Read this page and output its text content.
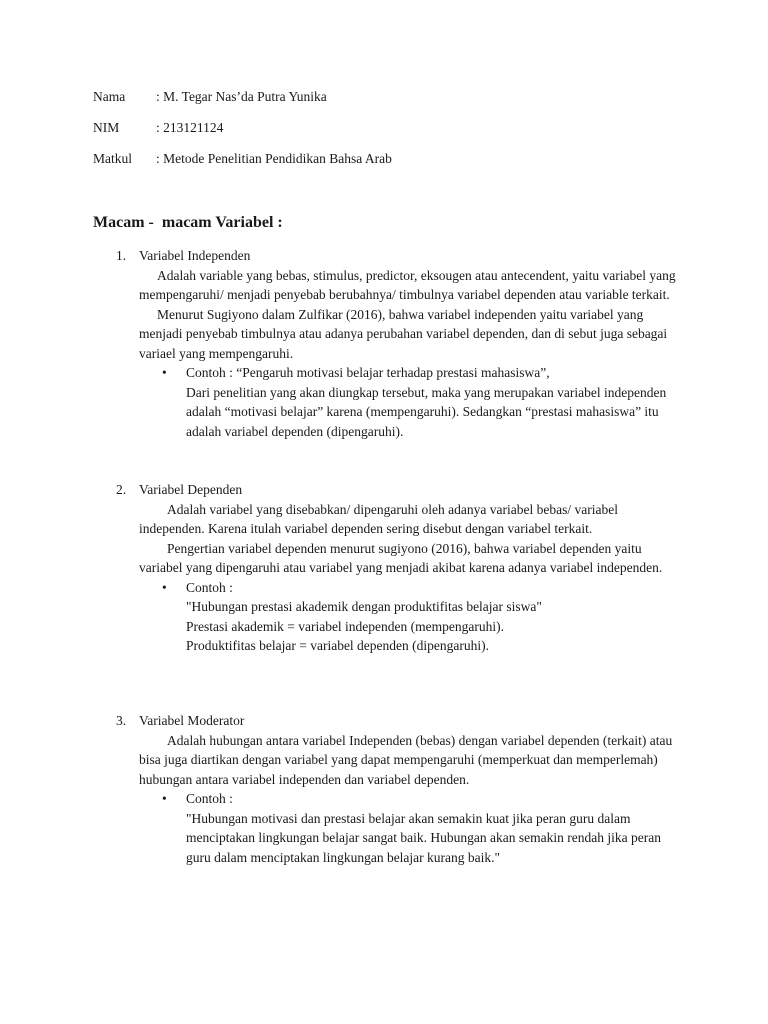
Nama : M. Tegar Nas’da Putra Yunika
NIM	: 213121124
Matkul : Metode Penelitian Pendidikan Bahsa Arab
Macam -  macam Variabel :
1. Variabel Independen

Adalah variable yang bebas, stimulus, predictor, eksougen atau antecendent, yaitu variabel yang mempengaruhi/ menjadi penyebab berubahnya/ timbulnya variabel dependen atau variable terkait.

Menurut Sugiyono dalam Zulfikar (2016), bahwa variabel independen yaitu variabel yang menjadi penyebab timbulnya atau adanya perubahan variabel dependen, dan di sebut juga sebagai variael yang mempengaruhi.

• Contoh : “Pengaruh motivasi belajar terhadap prestasi mahasiswa”,
Dari penelitian yang akan diungkap tersebut, maka yang merupakan variabel independen adalah “motivasi belajar” karena (mempengaruhi). Sedangkan “prestasi mahasiswa” itu adalah variabel dependen (dipengaruhi).
2. Variabel Dependen

Adalah variabel yang disebabkan/ dipengaruhi oleh adanya variabel bebas/ variabel independen. Karena itulah variabel dependen sering disebut dengan variabel terkait.

Pengertian variabel dependen menurut sugiyono (2016), bahwa variabel dependen yaitu variabel yang dipengaruhi atau variabel yang menjadi akibat karena adanya variabel independen.

• Contoh :
"Hubungan prestasi akademik dengan produktifitas belajar siswa"
Prestasi akademik = variabel independen (mempengaruhi).
Produktifitas belajar = variabel dependen (dipengaruhi).
3. Variabel Moderator

Adalah hubungan antara variabel Independen (bebas) dengan variabel dependen (terkait) atau bisa juga diartikan dengan variabel yang dapat mempengaruhi (memperkuat dan memperlemah) hubungan antara variabel independen dan variabel dependen.

• Contoh :
"Hubungan motivasi dan prestasi belajar akan semakin kuat jika peran guru dalam menciptakan lingkungan belajar sangat baik. Hubungan akan semakin rendah jika peran guru dalam menciptakan lingkungan belajar kurang baik."
